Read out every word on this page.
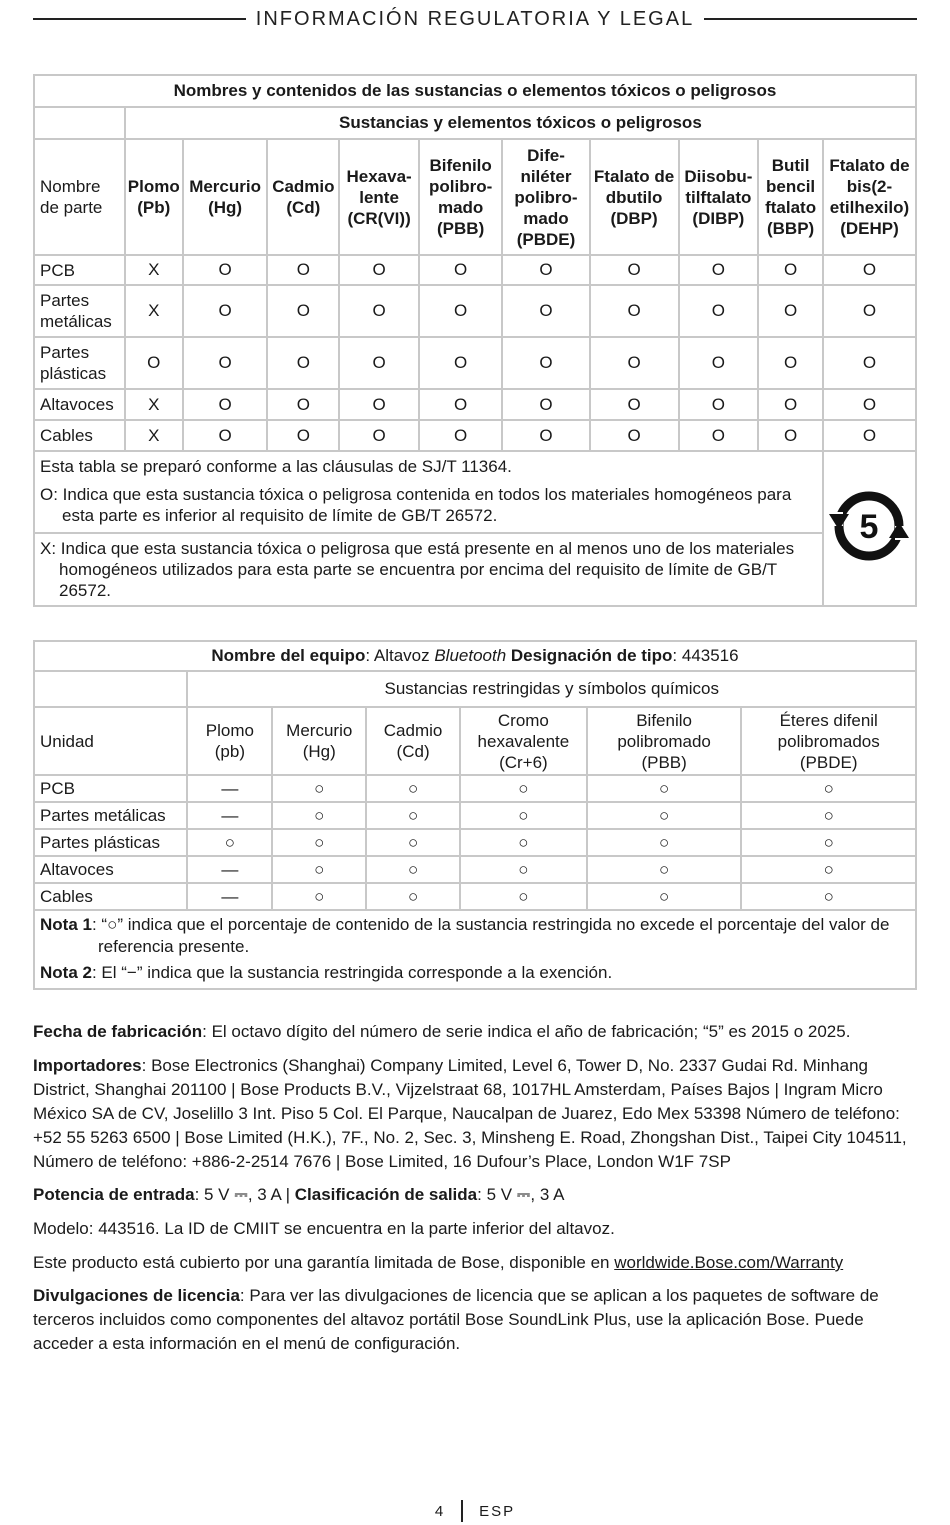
INFORMACIÓN REGULATORIA Y LEGAL
Nombres y contenidos de las sustancias o elementos tóxicos o peligrosos										
	Sustancias y elementos tóxicos o peligrosos									
Nombre de parte	Plomo (Pb)	Mercurio (Hg)	Cadmio (Cd)	Hexava-lente (CR(VI))	Bifenilo polibro-mado (PBB)	Dife-niléter polibro-mado (PBDE)	Ftalato de dbutilo (DBP)	Diisobu-tilftalato (DIBP)	Butil bencil ftalato (BBP)	Ftalato de bis(2-etilhexilo) (DEHP)
PCB	X	O	O	O	O	O	O	O	O	O
Partes metálicas	X	O	O	O	O	O	O	O	O	O
Partes plásticas	O	O	O	O	O	O	O	O	O	O
Altavoces	X	O	O	O	O	O	O	O	O	O
Cables	X	O	O	O	O	O	O	O	O	O

Esta tabla se preparó conforme a las cláusulas de SJ/T 11364.
O: Indica que esta sustancia tóxica o peligrosa contenida en todos los materiales homogéneos para esta parte es inferior al requisito de límite de GB/T 26572.										5

X: Indica que esta sustancia tóxica o peligrosa que está presente en al menos uno de los materiales homogéneos utilizados para esta parte se encuentra por encima del requisito de límite de GB/T 26572.										
Nombre del equipo: Altavoz Bluetooth Designación de tipo: 443516						
	Sustancias restringidas y símbolos químicos					
Unidad	Plomo (pb)	Mercurio (Hg)	Cadmio (Cd)	Cromo hexavalente (Cr+6)	Bifenilo polibromado (PBB)	Éteres difenil polibromados (PBDE)
PCB	—	○	○	○	○	○
Partes metálicas	—	○	○	○	○	○
Partes plásticas	○	○	○	○	○	○
Altavoces	—	○	○	○	○	○
Cables	—	○	○	○	○	○

Nota 1: “○” indica que el porcentaje de contenido de la sustancia restringida no excede el porcentaje del valor de referencia presente.
Nota 2: El “−” indica que la sustancia restringida corresponde a la exención.						

Fecha de fabricación: El octavo dígito del número de serie indica el año de fabricación; “5” es 2015 o 2025.

Importadores: Bose Electronics (Shanghai) Company Limited, Level 6, Tower D, No. 2337 Gudai Rd. Minhang District, Shanghai 201100 | Bose Products B.V., Vijzelstraat 68, 1017HL Amsterdam, Países Bajos | Ingram Micro México SA de CV, Joselillo 3 Int. Piso 5 Col. El Parque, Naucalpan de Juarez, Edo Mex 53398 Número de teléfono: +52 55 5263 6500 | Bose Limited (H.K.), 7F., No. 2, Sec. 3, Minsheng E. Road, Zhongshan Dist., Taipei City 104511, Número de teléfono: +886-2-2514 7676 | Bose Limited, 16 Dufour’s Place, London W1F 7SP

Potencia de entrada: 5 V ⎓, 3 A | Clasificación de salida: 5 V ⎓, 3 A

Modelo: 443516. La ID de CMIIT se encuentra en la parte inferior del altavoz.

Este producto está cubierto por una garantía limitada de Bose, disponible en worldwide.Bose.com/Warranty

Divulgaciones de licencia: Para ver las divulgaciones de licencia que se aplican a los paquetes de software de terceros incluidos como componentes del altavoz portátil Bose SoundLink Plus, use la aplicación Bose. Puede acceder a esta información en el menú de configuración.

4 ESP
